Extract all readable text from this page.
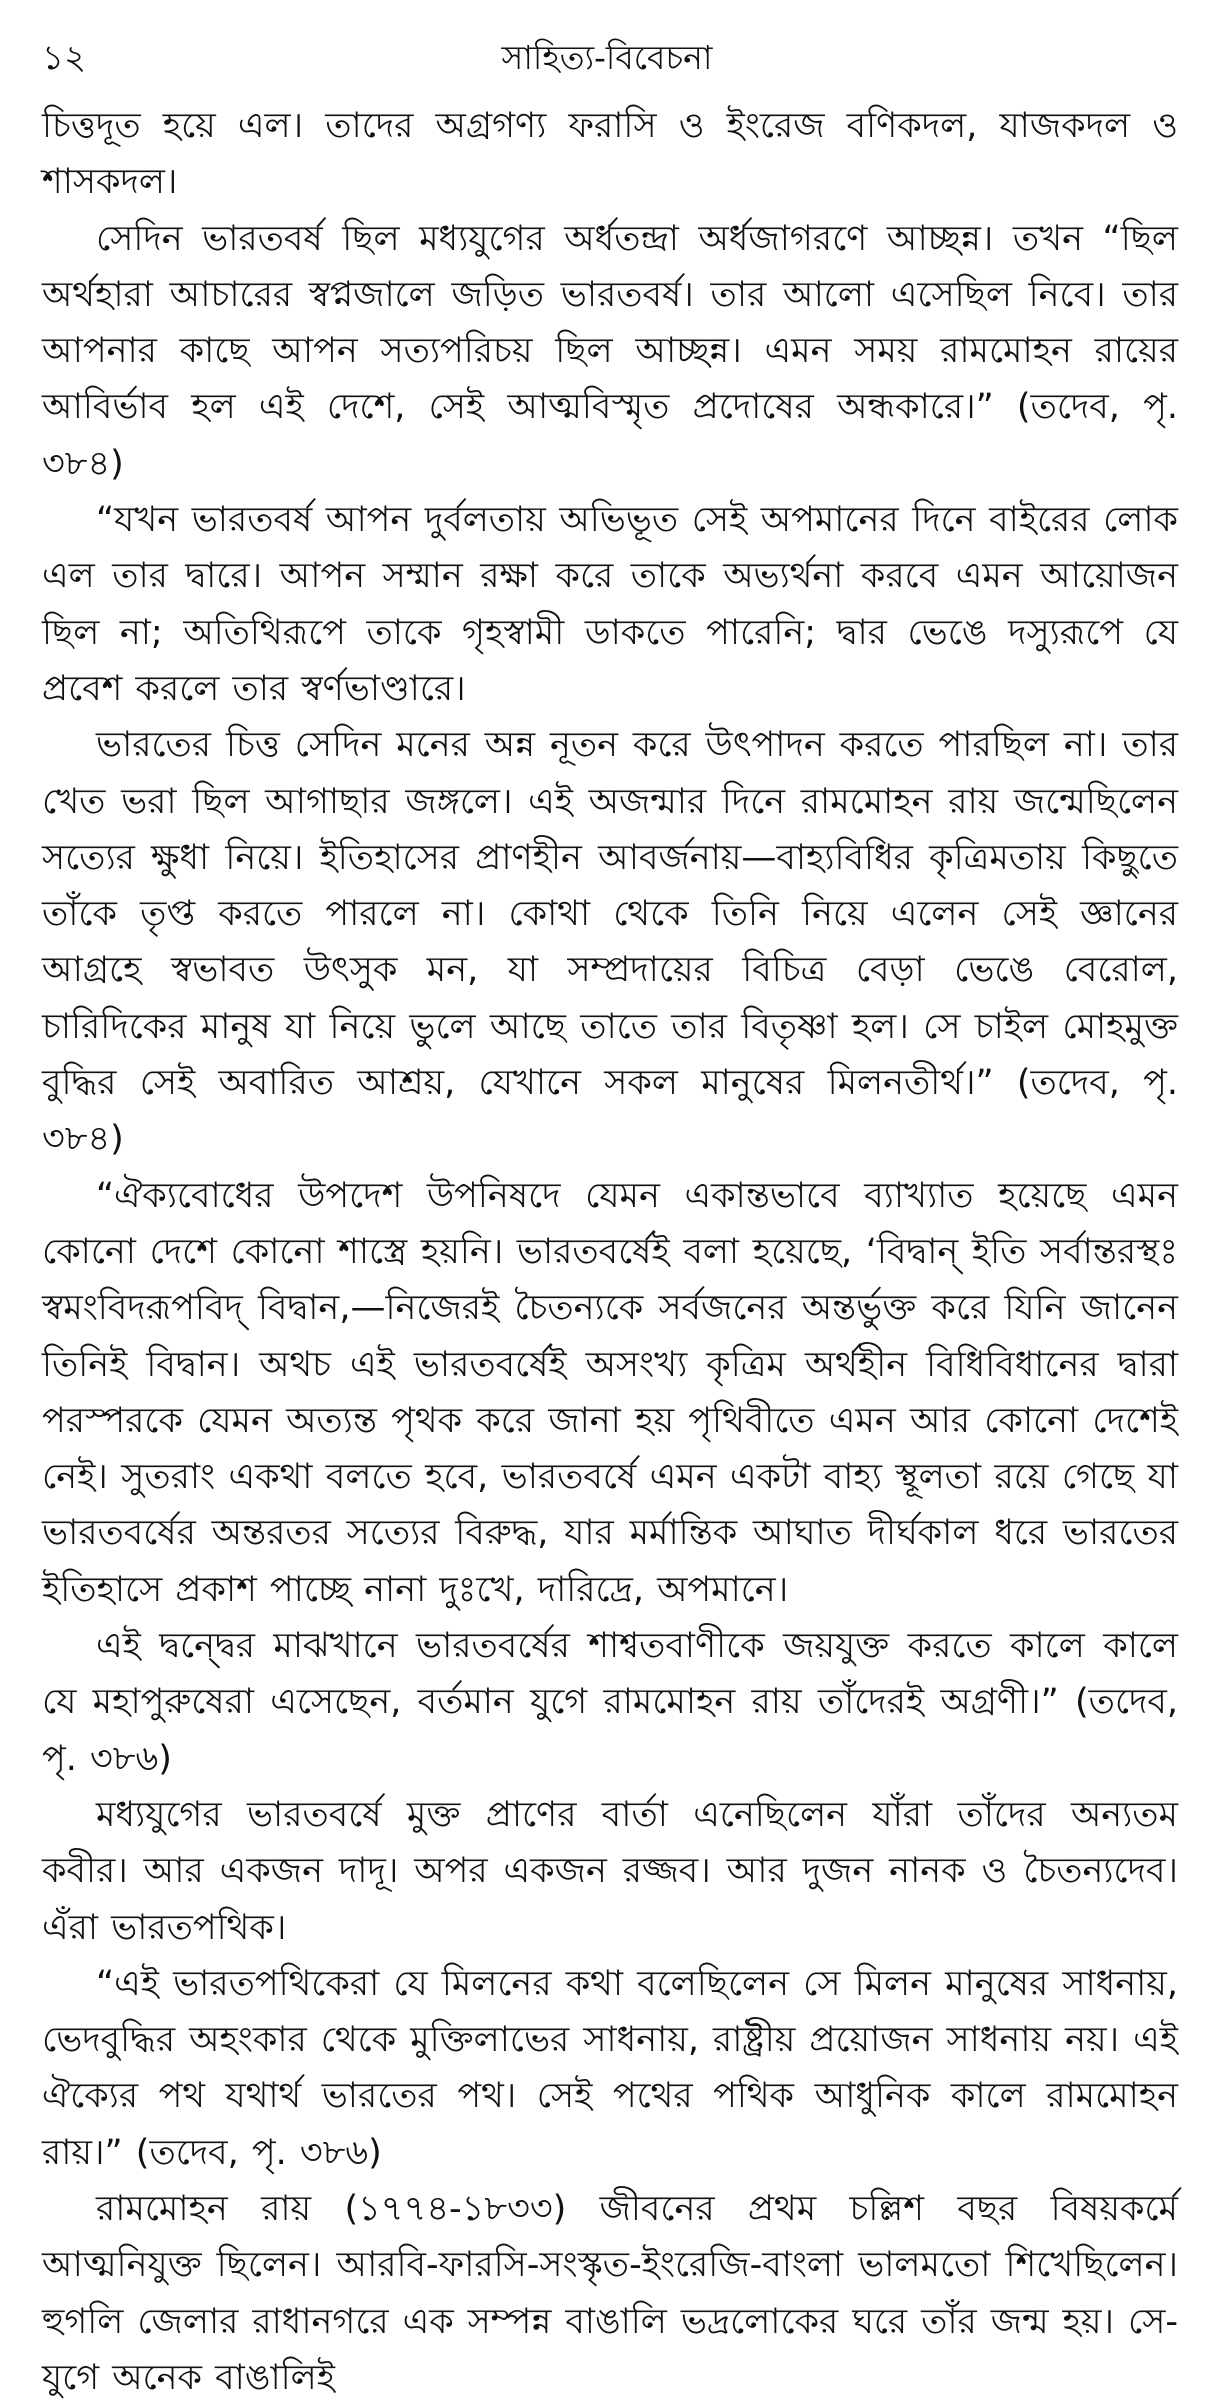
১২	সাহিত্য-বিবেচনা

চিত্তদূত হয়ে এল। তাদের অগ্রগণ্য ফরাসি ও ইংরেজ বণিকদল, যাজকদল ও শাসকদল।

সেদিন ভারতবর্ষ ছিল মধ্যযুগের অর্ধতন্দ্রা অর্ধজাগরণে আচ্ছন্ন। তখন “ছিল অর্থহারা আচারের স্বপ্নজালে জড়িত ভারতবর্ষ। তার আলো এসেছিল নিবে। তার আপনার কাছে আপন সত্যপরিচয় ছিল আচ্ছন্ন। এমন সময় রামমোহন রায়ের আবির্ভাব হল এই দেশে, সেই আত্মবিস্মৃত প্রদোষের অন্ধকারে।” (তদেব, পৃ. ৩৮৪)

“যখন ভারতবর্ষ আপন দুর্বলতায় অভিভূত সেই অপমানের দিনে বাইরের লোক এল তার দ্বারে। আপন সম্মান রক্ষা করে তাকে অভ্যর্থনা করবে এমন আয়োজন ছিল না; অতিথিরূপে তাকে গৃহস্বামী ডাকতে পারেনি; দ্বার ভেঙে দস্যুরূপে যে প্রবেশ করলে তার স্বর্ণভাণ্ডারে।

ভারতের চিত্ত সেদিন মনের অন্ন নূতন করে উৎপাদন করতে পারছিল না। তার খেত ভরা ছিল আগাছার জঙ্গলে। এই অজন্মার দিনে রামমোহন রায় জন্মেছিলেন সত্যের ক্ষুধা নিয়ে। ইতিহাসের প্রাণহীন আবর্জনায়—বাহ্যবিধির কৃত্রিমতায় কিছুতে তাঁকে তৃপ্ত করতে পারলে না। কোথা থেকে তিনি নিয়ে এলেন সেই জ্ঞানের আগ্রহে স্বভাবত উৎসুক মন, যা সম্প্রদায়ের বিচিত্র বেড়া ভেঙে বেরোল, চারিদিকের মানুষ যা নিয়ে ভুলে আছে তাতে তার বিতৃষ্ণা হল। সে চাইল মোহমুক্ত বুদ্ধির সেই অবারিত আশ্রয়, যেখানে সকল মানুষের মিলনতীর্থ।” (তদেব, পৃ. ৩৮৪)

“ঐক্যবোধের উপদেশ উপনিষদে যেমন একান্তভাবে ব্যাখ্যাত হয়েছে এমন কোনো দেশে কোনো শাস্ত্রে হয়নি। ভারতবর্ষেই বলা হয়েছে, ‘বিদ্বান্ ইতি সর্বান্তরস্থঃ স্বমংবিদরূপবিদ্ বিদ্বান,—নিজেরই চৈতন্যকে সর্বজনের অন্তর্ভুক্ত করে যিনি জানেন তিনিই বিদ্বান। অথচ এই ভারতবর্ষেই অসংখ্য কৃত্রিম অর্থহীন বিধিবিধানের দ্বারা পরস্পরকে যেমন অত্যন্ত পৃথক করে জানা হয় পৃথিবীতে এমন আর কোনো দেশেই নেই। সুতরাং একথা বলতে হবে, ভারতবর্ষে এমন একটা বাহ্য স্থূলতা রয়ে গেছে যা ভারতবর্ষের অন্তরতর সত্যের বিরুদ্ধ, যার মর্মান্তিক আঘাত দীর্ঘকাল ধরে ভারতের ইতিহাসে প্রকাশ পাচ্ছে নানা দুঃখে, দারিদ্রে, অপমানে।

এই দ্বন্দ্বের মাঝখানে ভারতবর্ষের শাশ্বতবাণীকে জয়যুক্ত করতে কালে কালে যে মহাপুরুষেরা এসেছেন, বর্তমান যুগে রামমোহন রায় তাঁদেরই অগ্রণী।” (তদেব, পৃ. ৩৮৬)

মধ্যযুগের ভারতবর্ষে মুক্ত প্রাণের বার্তা এনেছিলেন যাঁরা তাঁদের অন্যতম কবীর। আর একজন দাদূ। অপর একজন রজ্জব। আর দুজন নানক ও চৈতন্যদেব। এঁরা ভারতপথিক।

“এই ভারতপথিকেরা যে মিলনের কথা বলেছিলেন সে মিলন মানুষের সাধনায়, ভেদবুদ্ধির অহংকার থেকে মুক্তিলাভের সাধনায়, রাষ্ট্রীয় প্রয়োজন সাধনায় নয়। এই ঐক্যের পথ যথার্থ ভারতের পথ। সেই পথের পথিক আধুনিক কালে রামমোহন রায়।” (তদেব, পৃ. ৩৮৬)

রামমোহন রায় (১৭৭৪-১৮৩৩) জীবনের প্রথম চল্লিশ বছর বিষয়কর্মে আত্মনিযুক্ত ছিলেন। আরবি-ফারসি-সংস্কৃত-ইংরেজি-বাংলা ভালমতো শিখেছিলেন। হুগলি জেলার রাধানগরে এক সম্পন্ন বাঙালি ভদ্রলোকের ঘরে তাঁর জন্ম হয়। সে-যুগে অনেক বাঙালিই
